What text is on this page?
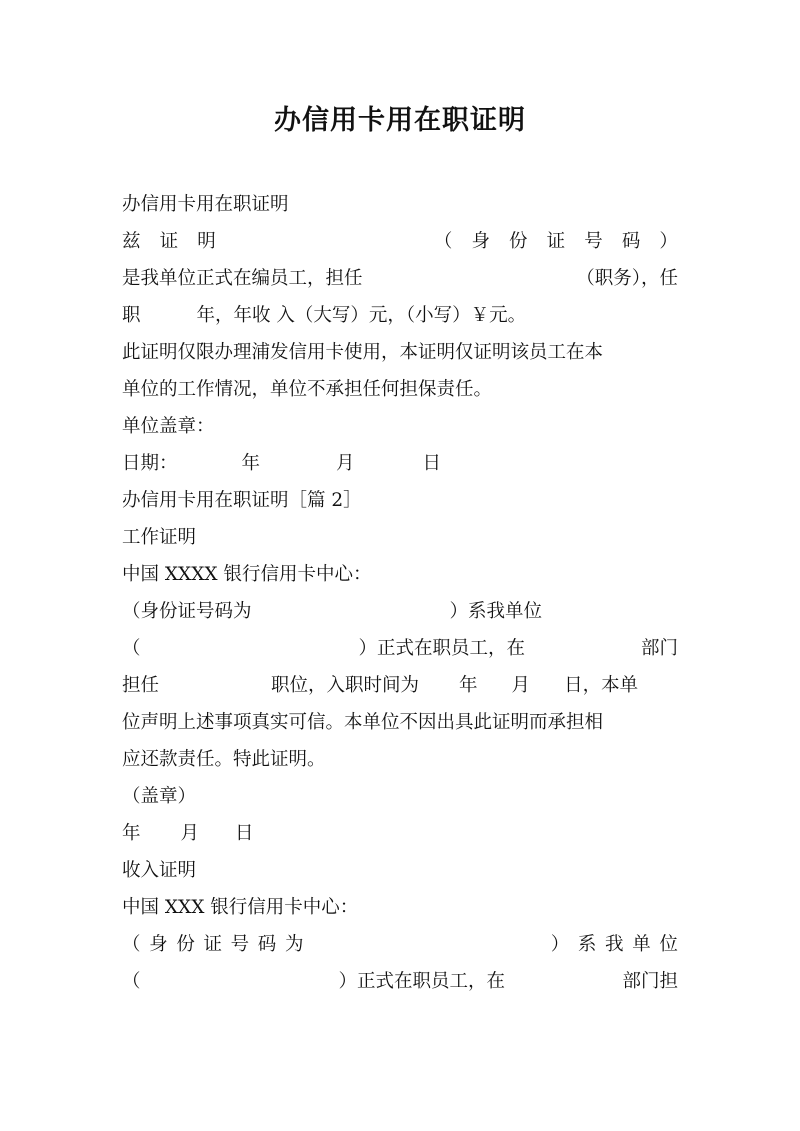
办信用卡用在职证明
办信用卡用在职证明
兹 证 明	（ 身 份 证 号 码 ）
是我单位正式在编员工，担任	（职务），任
职	年，年收 入（大写）元，（小写）￥元。
此证明仅限办理浦发信用卡使用，本证明仅证明该员工在本
单位的工作情况，单位不承担任何担保责任。
单位盖章：
日期：	年	月	日
办信用卡用在职证明［篇 2］
工作证明
中国 XXXX 银行信用卡中心：
（身份证号码为	）系我单位
（	）正式在职员工，在	部门
担任	职位，入职时间为 年 月 日，本单
位声明上述事项真实可信。本单位不因出具此证明而承担相
应还款责任。特此证明。
（盖章）
年 月 日
收入证明
中国 XXX 银行信用卡中心：
（ 身 份 证 号 码 为	） 系 我 单 位
（	）正式在职员工，在	部门担
